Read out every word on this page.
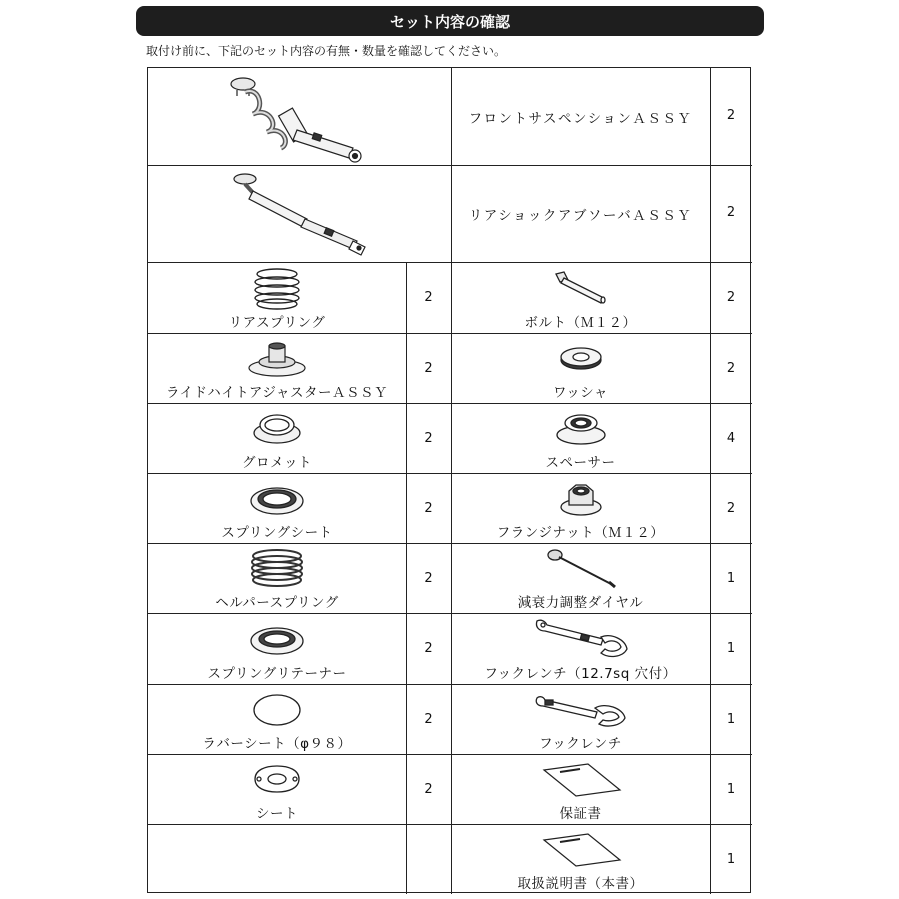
セット内容の確認
取付け前に、下記のセット内容の有無・数量を確認してください。
フロントサスペンションＡＳＳＹ	2
リアショックアブソーバＡＳＳＹ	2
リアスプリング
ライドハイトアジャスターＡＳＳＹ
グロメット
スプリングシート
ヘルパースプリング
スプリングリテーナー
ラバーシート（φ９８）
シート
2
2
2
2
2
2
2
2
ボルト（Ｍ１２）
ワッシャ
スペーサー
フランジナット（Ｍ１２）
減衰力調整ダイヤル
フックレンチ（12.7sq 穴付）
フックレンチ
保証書
取扱説明書（本書）
2
2
4
2
1
1
1
1
1
